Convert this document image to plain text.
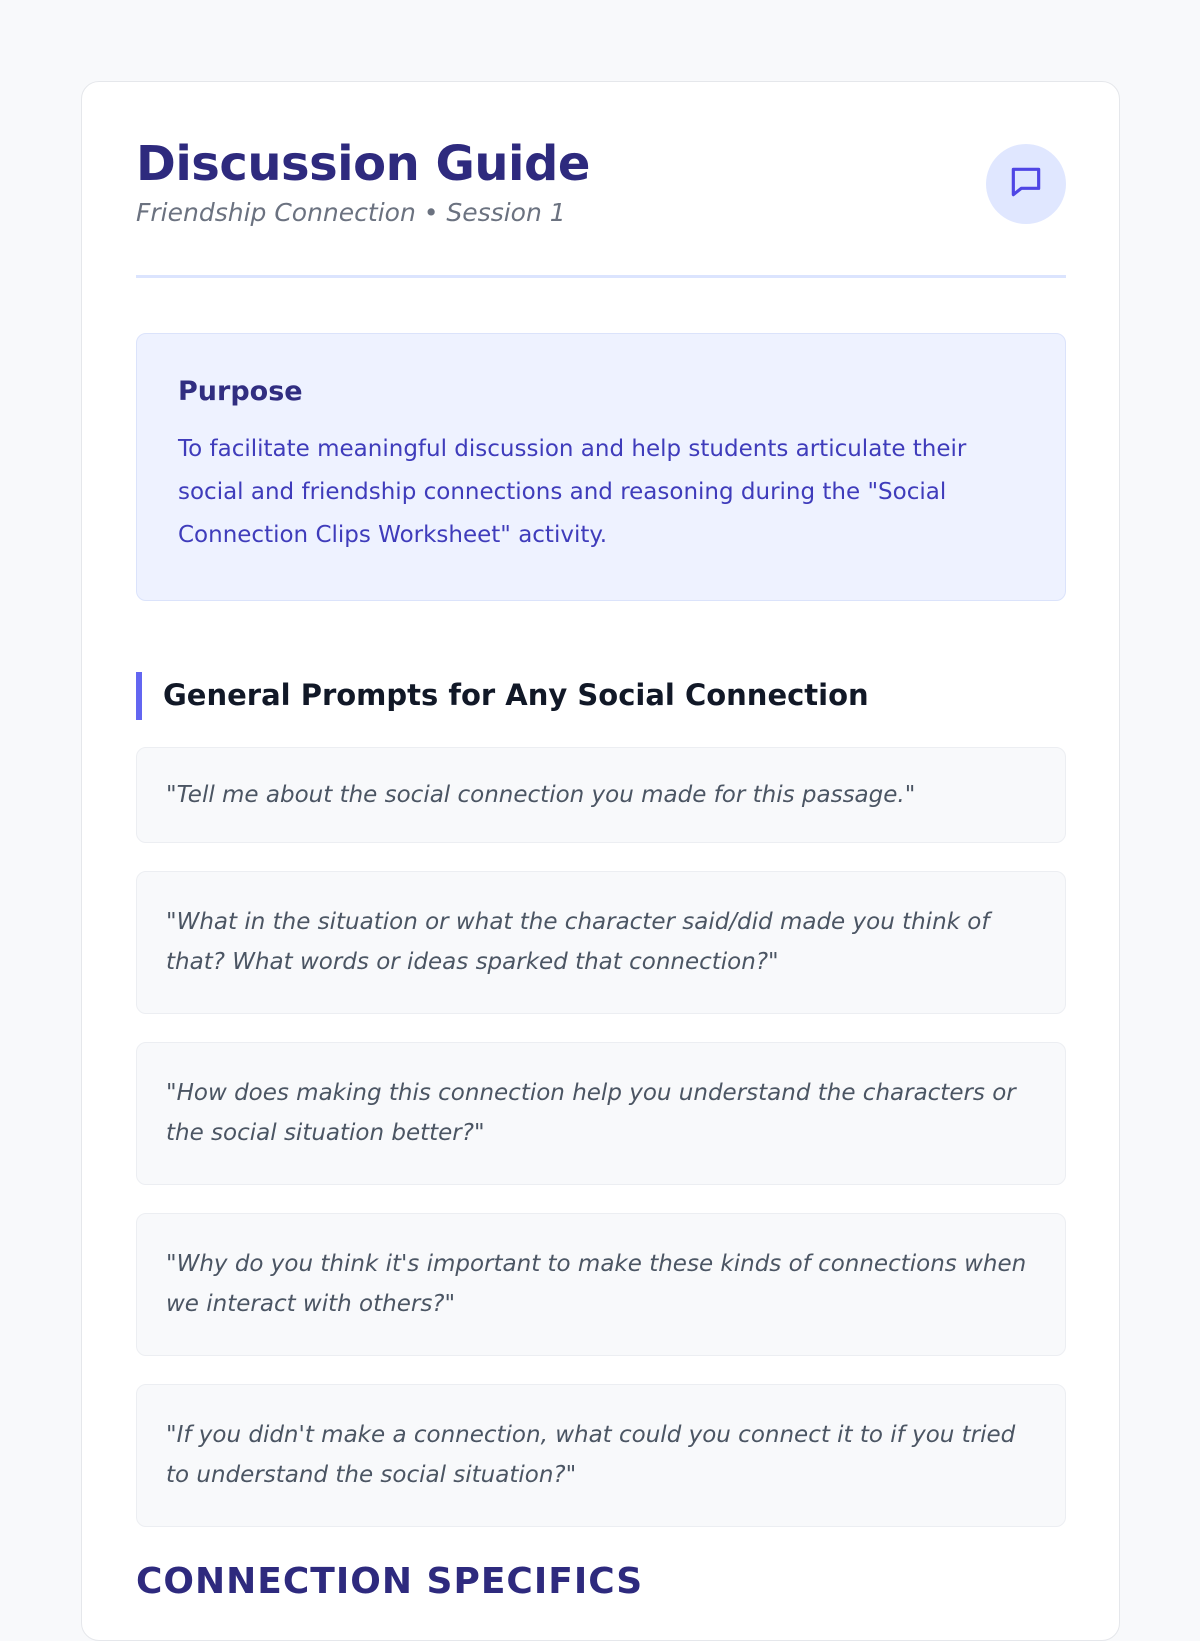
Discussion Guide
Friendship Connection • Session 1
Purpose
To facilitate meaningful discussion and help students articulate their social and friendship connections and reasoning during the "Social Connection Clips Worksheet" activity.
General Prompts for Any Social Connection
"Tell me about the social connection you made for this passage."
"What in the situation or what the character said/did made you think of that? What words or ideas sparked that connection?"
"How does making this connection help you understand the characters or the social situation better?"
"Why do you think it's important to make these kinds of connections when we interact with others?"
"If you didn't make a connection, what could you connect it to if you tried to understand the social situation?"
CONNECTION SPECIFICS
